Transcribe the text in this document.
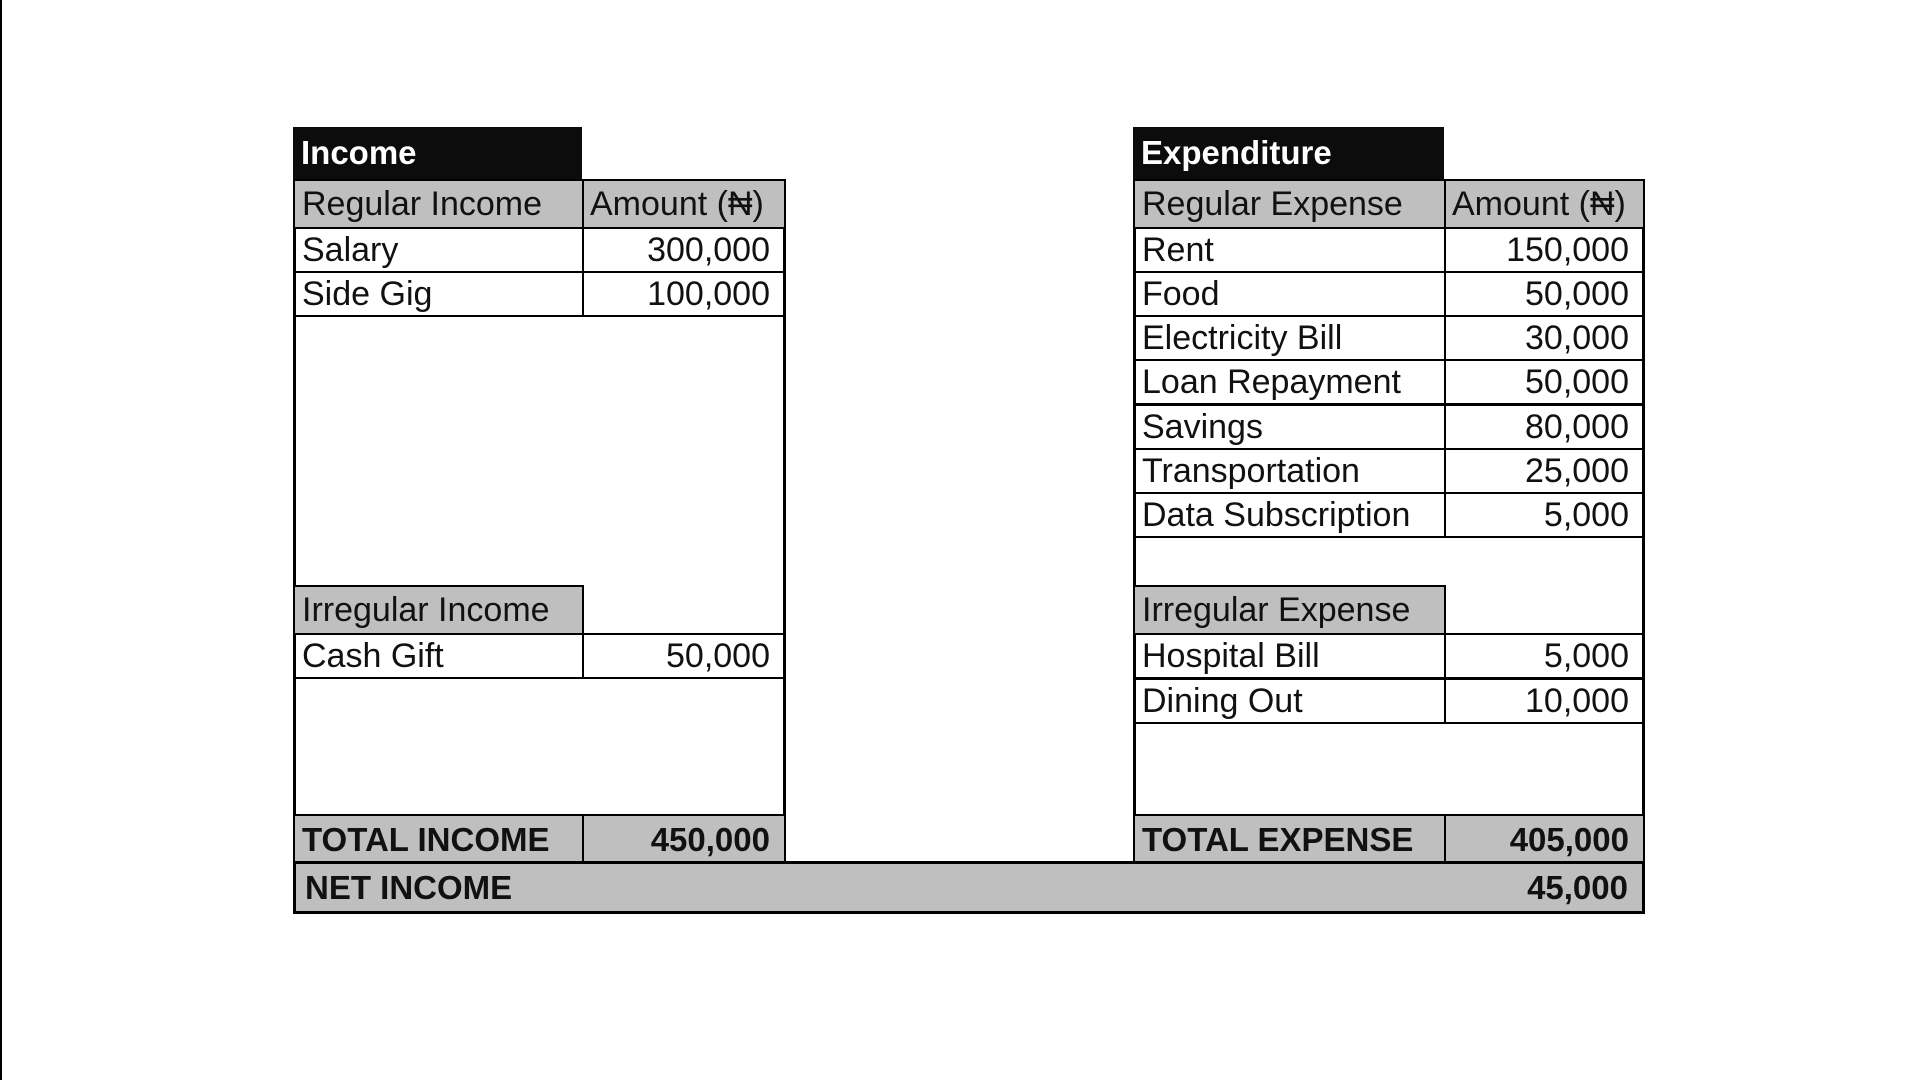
Income
Regular Income	Amount (₦)
Salary	300,000
Side Gig	100,000
Irregular Income
Cash Gift	50,000
TOTAL INCOME	450,000
Expenditure
Regular Expense	Amount (₦)
Rent	150,000
Food	50,000
Electricity Bill	30,000
Loan Repayment	50,000
Savings	80,000
Transportation	25,000
Data Subscription	5,000
Irregular Expense
Hospital Bill	5,000
Dining Out	10,000
TOTAL EXPENSE	405,000
NET INCOME	45,000
